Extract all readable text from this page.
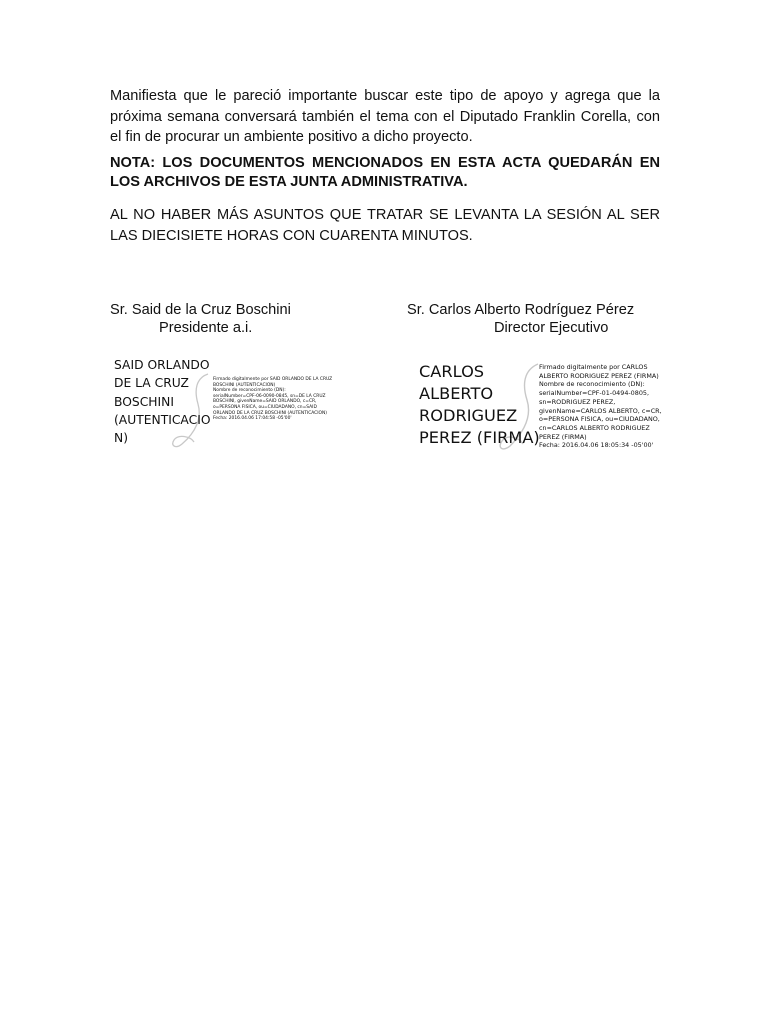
Manifiesta que le pareció importante buscar este tipo de apoyo y agrega que la próxima semana conversará también el tema con el Diputado Franklin Corella, con el fin de procurar un ambiente positivo a dicho proyecto.

NOTA: LOS DOCUMENTOS MENCIONADOS EN ESTA ACTA QUEDARÁN EN LOS ARCHIVOS DE ESTA JUNTA ADMINISTRATIVA.

AL NO HABER MÁS ASUNTOS QUE TRATAR SE LEVANTA LA SESIÓN AL SER LAS DIECISIETE HORAS CON CUARENTA MINUTOS.

Sr. Said de la Cruz Boschini
Presidente a.i.
Sr. Carlos Alberto Rodríguez Pérez
Director Ejecutivo
SAID ORLANDO
DE LA CRUZ
BOSCHINI
(AUTENTICACIO
N)
Firmado digitalmente por SAID ORLANDO DE LA CRUZ
BOSCHINI (AUTENTICACION)
Nombre de reconocimiento (DN):
serialNumber=CPF-06-0090-0845, sn=DE LA CRUZ
BOSCHINI, givenName=SAID ORLANDO, c=CR,
o=PERSONA FISICA, ou=CIUDADANO, cn=SAID
ORLANDO DE LA CRUZ BOSCHINI (AUTENTICACION)
Fecha: 2016.04.06 17:04:58 -05'00'
CARLOS
ALBERTO
RODRIGUEZ
PEREZ (FIRMA)
Firmado digitalmente por CARLOS
ALBERTO RODRIGUEZ PEREZ (FIRMA)
Nombre de reconocimiento (DN):
serialNumber=CPF-01-0494-0805,
sn=RODRIGUEZ PEREZ,
givenName=CARLOS ALBERTO, c=CR,
o=PERSONA FISICA, ou=CIUDADANO,
cn=CARLOS ALBERTO RODRIGUEZ
PEREZ (FIRMA)
Fecha: 2016.04.06 18:05:34 -05'00'
